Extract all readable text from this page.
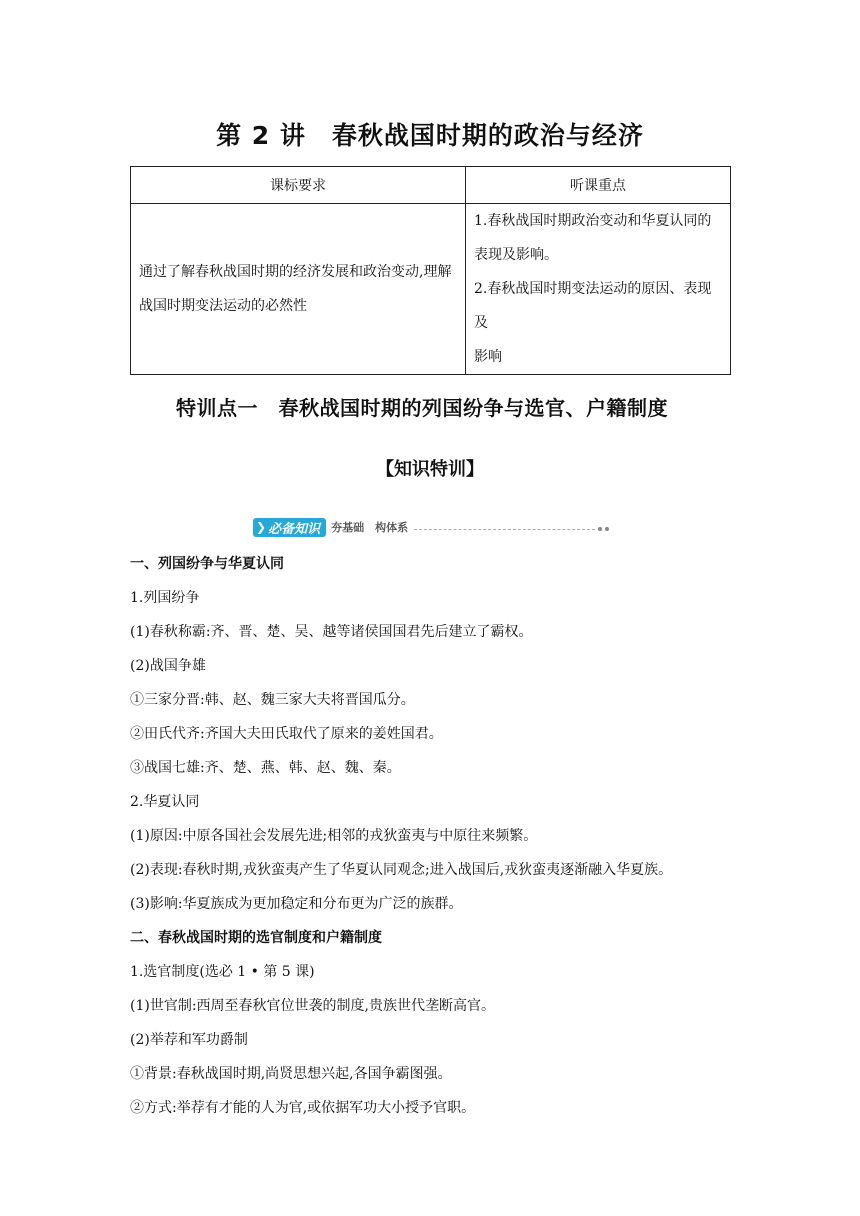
第 2 讲　春秋战国时期的政治与经济
课标要求	听课重点
通过了解春秋战国时期的经济发展和政治变动,理解战国时期变法运动的必然性	1.春秋战国时期政治变动和华夏认同的
表现及影响。
2.春秋战国时期变法运动的原因、表现及
影响
特训点一　春秋战国时期的列国纷争与选官、户籍制度
【知识特训】
❯ 必备知识 夯基础　构体系

一、列国纷争与华夏认同

1.列国纷争

(1)春秋称霸:齐、晋、楚、吴、越等诸侯国国君先后建立了霸权。

(2)战国争雄

①三家分晋:韩、赵、魏三家大夫将晋国瓜分。

②田氏代齐:齐国大夫田氏取代了原来的姜姓国君。

③战国七雄:齐、楚、燕、韩、赵、魏、秦。

2.华夏认同

(1)原因:中原各国社会发展先进;相邻的戎狄蛮夷与中原往来频繁。

(2)表现:春秋时期,戎狄蛮夷产生了华夏认同观念;进入战国后,戎狄蛮夷逐渐融入华夏族。

(3)影响:华夏族成为更加稳定和分布更为广泛的族群。

二、春秋战国时期的选官制度和户籍制度

1.选官制度(选必 1 • 第 5 课)

(1)世官制:西周至春秋官位世袭的制度,贵族世代垄断高官。

(2)举荐和军功爵制

①背景:春秋战国时期,尚贤思想兴起,各国争霸图强。

②方式:举荐有才能的人为官,或依据军功大小授予官职。
